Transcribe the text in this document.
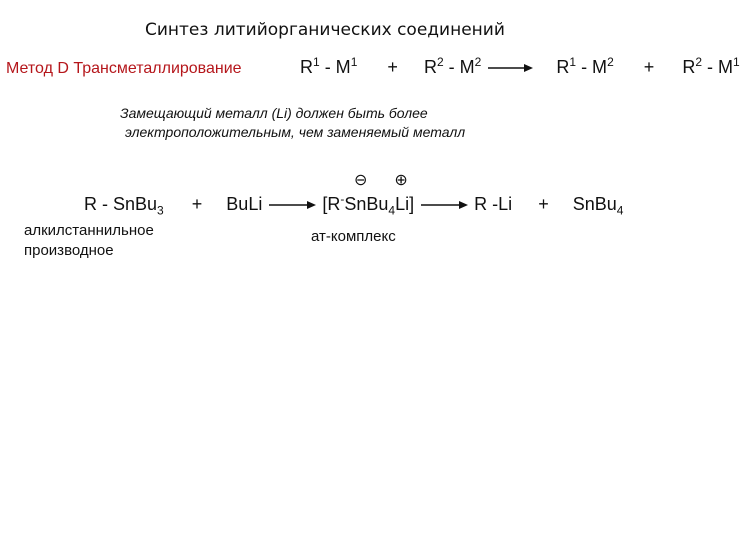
Синтез литийорганических соединений
Метод D Трансметаллирование	$R^1 - M^1 + R^2 - M^2 \to R^1 - M^2 + R^2 - M^1$
Замещающий металл (Li) должен быть более
электроположительным, чем заменяемый металл
⊖ ⊕
R - SnBu$_3$ + BuLi → [R-SnBu$_4$Li] → R -Li + SnBu$_4$
алкилстаннильное
производное
ат-комплекс
